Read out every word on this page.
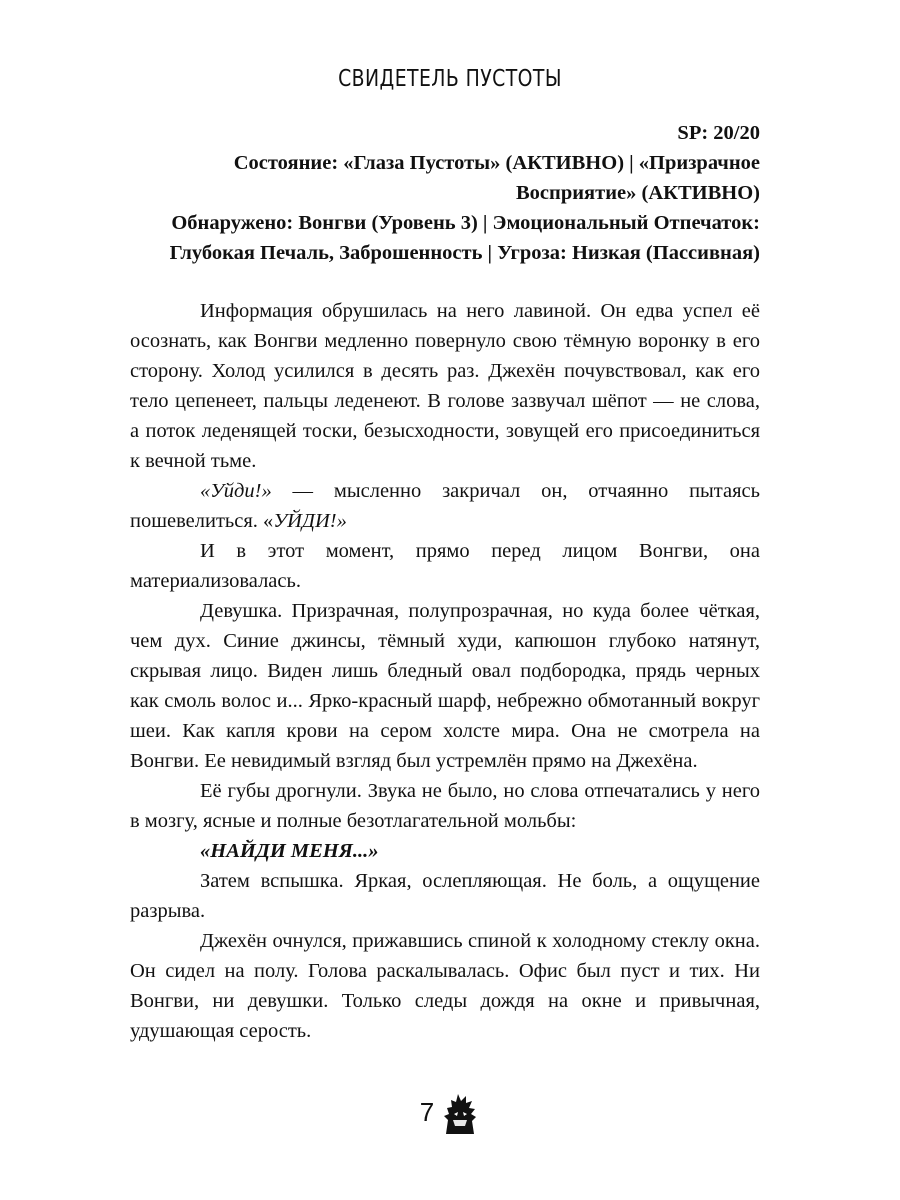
СВИДЕТЕЛЬ ПУСТОТЫ
SP: 20/20
Состояние: «Глаза Пустоты» (АКТИВНО) | «Призрачное
Восприятие» (АКТИВНО)
Обнаружено: Вонгви (Уровень 3) | Эмоциональный Отпечаток:
Глубокая Печаль, Заброшенность | Угроза: Низкая (Пассивная)

Информация обрушилась на него лавиной. Он едва успел её осознать, как Вонгви медленно повернуло свою тёмную воронку в его сторону. Холод усилился в десять раз. Джехён почувствовал, как его тело цепенеет, пальцы леденеют. В голове зазвучал шёпот — не слова, а поток леденящей тоски, безысходности, зовущей его присоединиться к вечной тьме.

«Уйди!» — мысленно закричал он, отчаянно пытаясь пошевелиться. «УЙДИ!»

И в этот момент, прямо перед лицом Вонгви, она материализовалась.

Девушка. Призрачная, полупрозрачная, но куда более чёткая, чем дух. Синие джинсы, тёмный худи, капюшон глубоко натянут, скрывая лицо. Виден лишь бледный овал подбородка, прядь черных как смоль волос и... Ярко-красный шарф, небрежно обмотанный вокруг шеи. Как капля крови на сером холсте мира. Она не смотрела на Вонгви. Ее невидимый взгляд был устремлён прямо на Джехёна.

Её губы дрогнули. Звука не было, но слова отпечатались у него в мозгу, ясные и полные безотлагательной мольбы:

«НАЙДИ МЕНЯ...»

Затем вспышка. Яркая, ослепляющая. Не боль, а ощущение разрыва.

Джехён очнулся, прижавшись спиной к холодному стеклу окна. Он сидел на полу. Голова раскалывалась. Офис был пуст и тих. Ни Вонгви, ни девушки. Только следы дождя на окне и привычная, удушающая серость.

7
